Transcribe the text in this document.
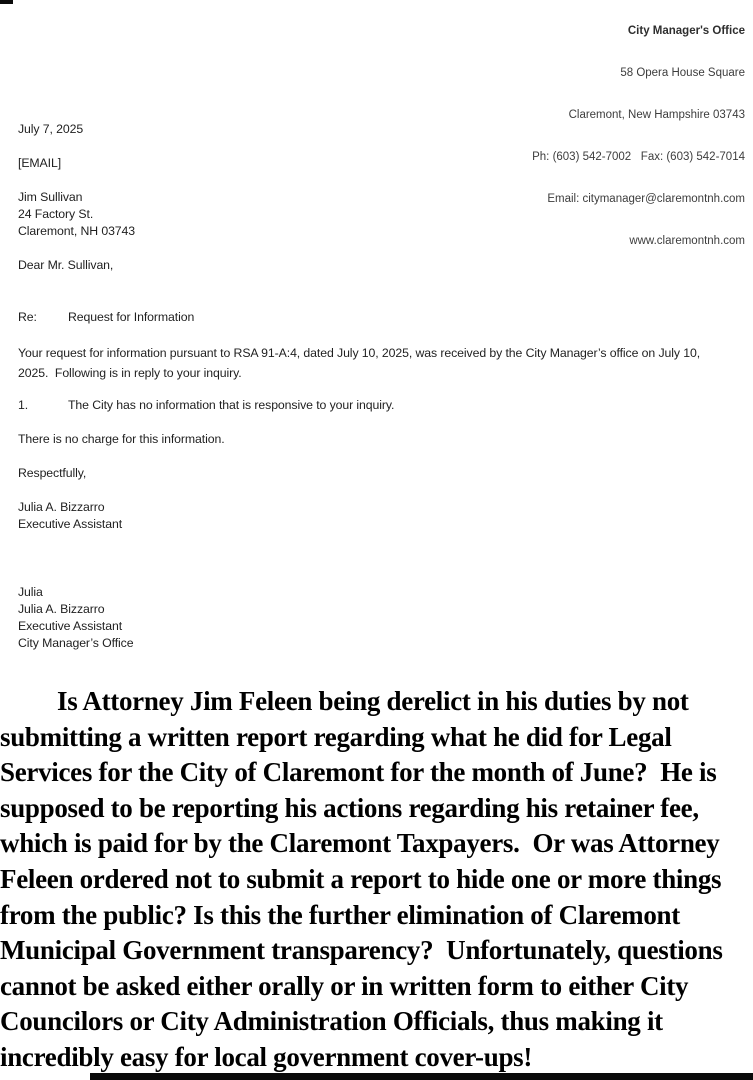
City Manager's Office

58 Opera House Square

Claremont, New Hampshire 03743

Ph: (603) 542-7002   Fax: (603) 542-7014

Email: citymanager@claremontnh.com

www.claremontnh.com

July 7, 2025
[EMAIL]
Jim Sullivan
24 Factory St.
Claremont, NH 03743
Dear Mr. Sullivan,
Re:	Request for Information
Your request for information pursuant to RSA 91-A:4, dated July 10, 2025, was received by the City Manager’s office on July 10,
2025.  Following is in reply to your inquiry.
1.	The City has no information that is responsive to your inquiry.
There is no charge for this information.
Respectfully,
Julia A. Bizzarro
Executive Assistant
Julia
Julia A. Bizzarro
Executive Assistant
City Manager’s Office
Is Attorney Jim Feleen being derelict in his duties by not
submitting a written report regarding what he did for Legal
Services for the City of Claremont for the month of June?  He is
supposed to be reporting his actions regarding his retainer fee,
which is paid for by the Claremont Taxpayers.  Or was Attorney
Feleen ordered not to submit a report to hide one or more things
from the public? Is this the further elimination of Claremont
Municipal Government transparency?  Unfortunately, questions
cannot be asked either orally or in written form to either City
Councilors or City Administration Officials, thus making it
incredibly easy for local government cover-ups!
